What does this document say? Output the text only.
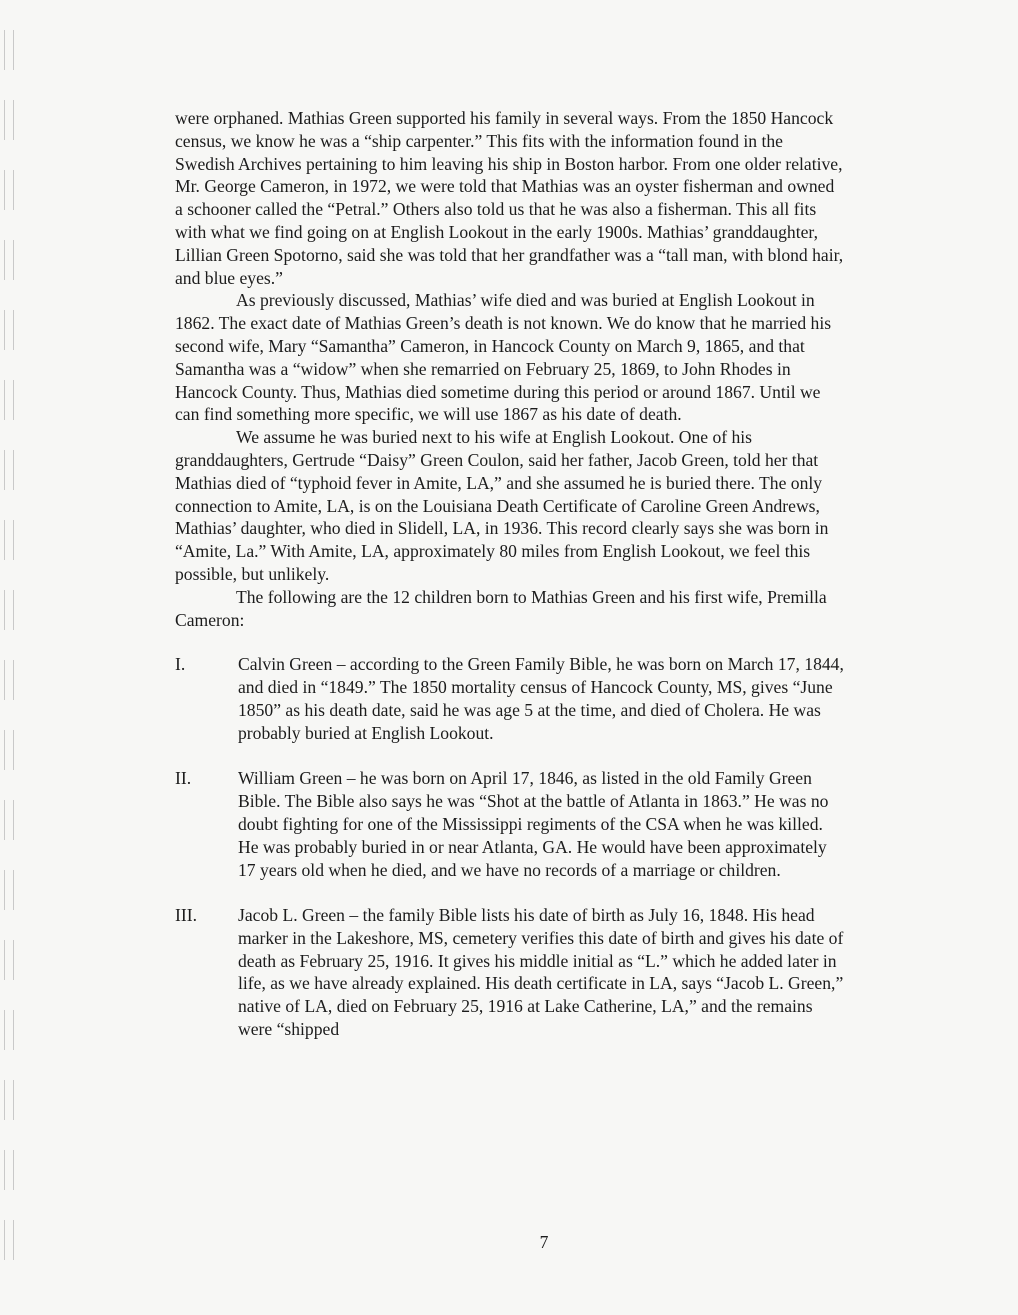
were orphaned. Mathias Green supported his family in several ways. From the 1850 Hancock census, we know he was a “ship carpenter.” This fits with the information found in the Swedish Archives pertaining to him leaving his ship in Boston harbor. From one older relative, Mr. George Cameron, in 1972, we were told that Mathias was an oyster fisherman and owned a schooner called the “Petral.” Others also told us that he was also a fisherman. This all fits with what we find going on at English Lookout in the early 1900s. Mathias’ granddaughter, Lillian Green Spotorno, said she was told that her grandfather was a “tall man, with blond hair, and blue eyes.”

As previously discussed, Mathias’ wife died and was buried at English Lookout in 1862. The exact date of Mathias Green’s death is not known. We do know that he married his second wife, Mary “Samantha” Cameron, in Hancock County on March 9, 1865, and that Samantha was a “widow” when she remarried on February 25, 1869, to John Rhodes in Hancock County. Thus, Mathias died sometime during this period or around 1867. Until we can find something more specific, we will use 1867 as his date of death.

We assume he was buried next to his wife at English Lookout. One of his granddaughters, Gertrude “Daisy” Green Coulon, said her father, Jacob Green, told her that Mathias died of “typhoid fever in Amite, LA,” and she assumed he is buried there. The only connection to Amite, LA, is on the Louisiana Death Certificate of Caroline Green Andrews, Mathias’ daughter, who died in Slidell, LA, in 1936. This record clearly says she was born in “Amite, La.” With Amite, LA, approximately 80 miles from English Lookout, we feel this possible, but unlikely.

The following are the 12 children born to Mathias Green and his first wife, Premilla Cameron:

I.	Calvin Green – according to the Green Family Bible, he was born on March 17, 1844, and died in “1849.” The 1850 mortality census of Hancock County, MS, gives “June 1850” as his death date, said he was age 5 at the time, and died of Cholera. He was probably buried at English Lookout.
II.	William Green – he was born on April 17, 1846, as listed in the old Family Green Bible. The Bible also says he was “Shot at the battle of Atlanta in 1863.” He was no doubt fighting for one of the Mississippi regiments of the CSA when he was killed. He was probably buried in or near Atlanta, GA. He would have been approximately 17 years old when he died, and we have no records of a marriage or children.
III.	Jacob L. Green – the family Bible lists his date of birth as July 16, 1848. His head marker in the Lakeshore, MS, cemetery verifies this date of birth and gives his date of death as February 25, 1916. It gives his middle initial as “L.” which he added later in life, as we have already explained. His death certificate in LA, says “Jacob L. Green,” native of LA, died on February 25, 1916 at Lake Catherine, LA,” and the remains were “shipped
7
